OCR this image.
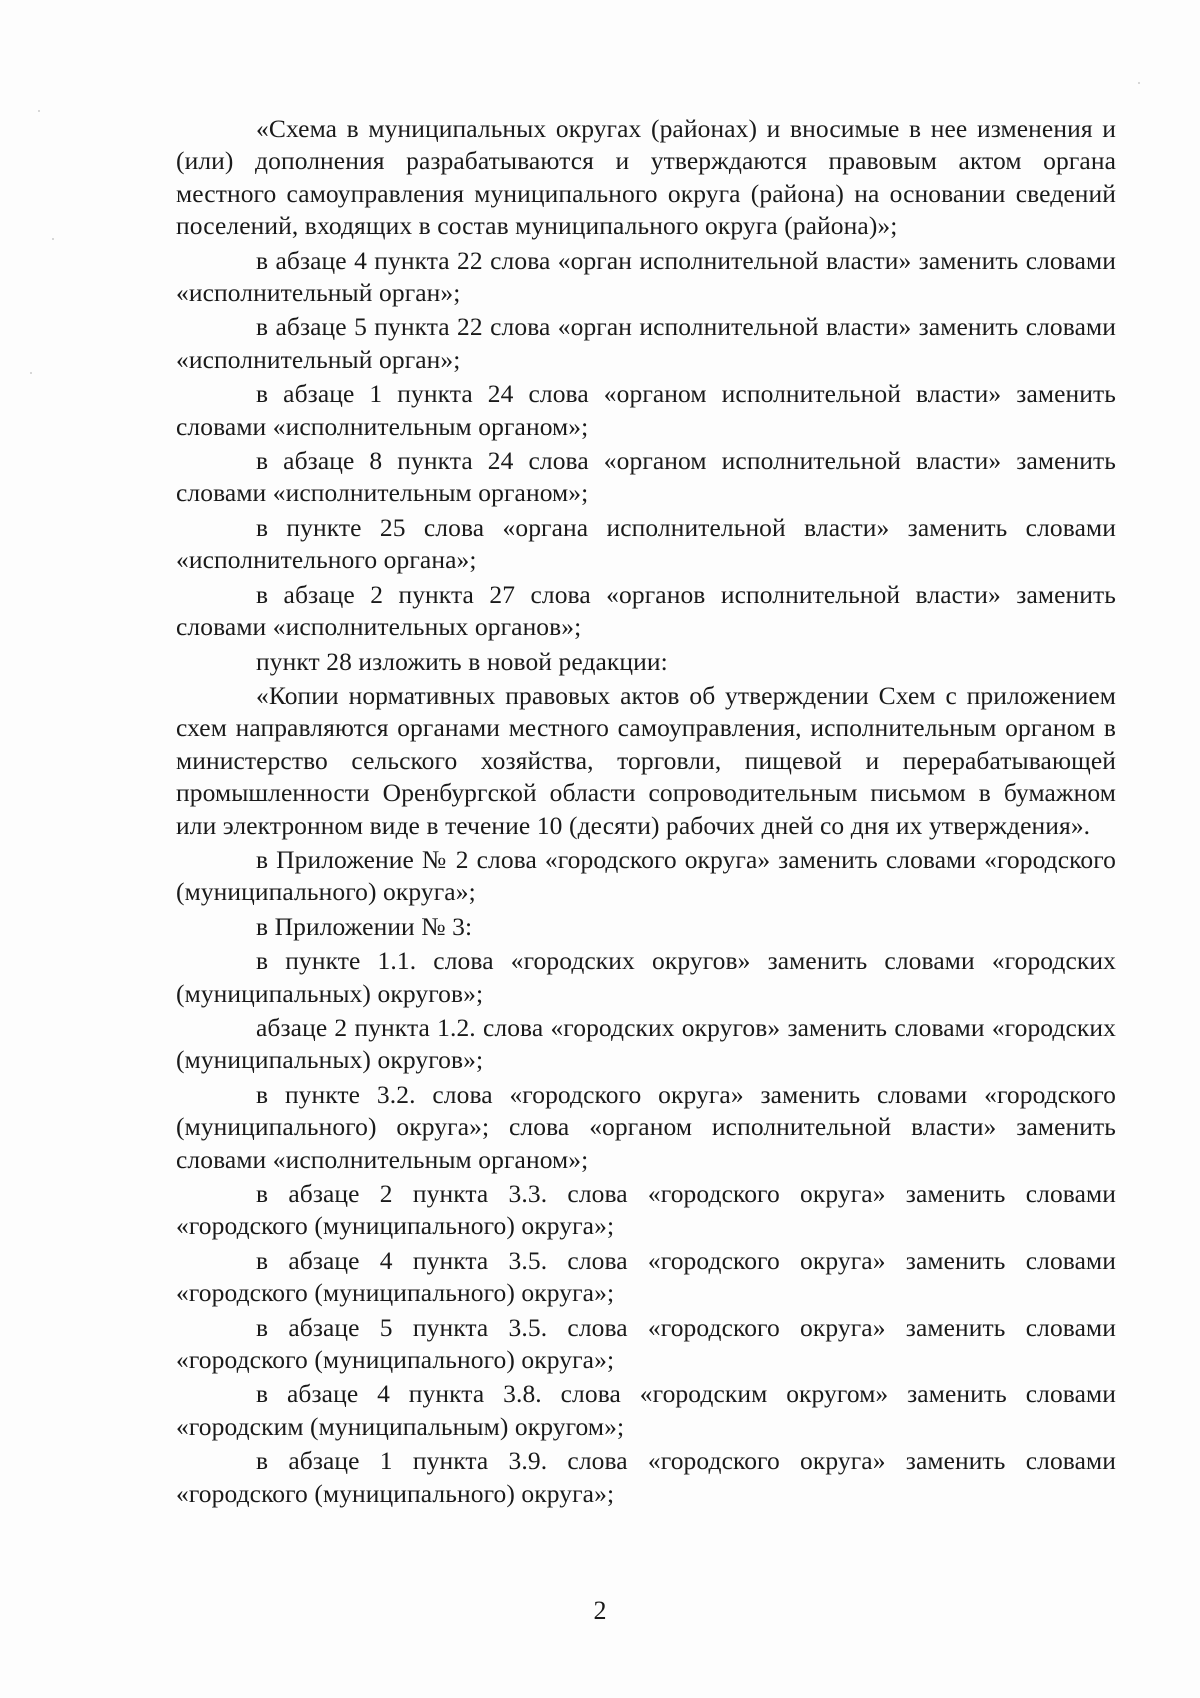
«Схема в муниципальных округах (районах) и вносимые в нее изменения и (или) дополнения разрабатываются и утверждаются правовым актом органа местного самоуправления муниципального округа (района) на основании сведений поселений, входящих в состав муниципального округа (района)»;

в абзаце 4 пункта 22 слова «орган исполнительной власти» заменить словами «исполнительный орган»;

в абзаце 5 пункта 22 слова «орган исполнительной власти» заменить словами «исполнительный орган»;

в абзаце 1 пункта 24 слова «органом исполнительной власти» заменить словами «исполнительным органом»;

в абзаце 8 пункта 24 слова «органом исполнительной власти» заменить словами «исполнительным органом»;

в пункте 25 слова «органа исполнительной власти» заменить словами «исполнительного органа»;

в абзаце 2 пункта 27 слова «органов исполнительной власти» заменить словами «исполнительных органов»;

пункт 28 изложить в новой редакции:

«Копии нормативных правовых актов об утверждении Схем с приложением схем направляются органами местного самоуправления, исполнительным органом в министерство сельского хозяйства, торговли, пищевой и перерабатывающей промышленности Оренбургской области сопроводительным письмом в бумажном или электронном виде в течение 10 (десяти) рабочих дней со дня их утверждения».

в Приложение № 2 слова «городского округа» заменить словами «городского (муниципального) округа»;

в Приложении № 3:

в пункте 1.1. слова «городских округов» заменить словами «городских (муниципальных) округов»;

абзаце 2 пункта 1.2. слова «городских округов» заменить словами «городских (муниципальных) округов»;

в пункте 3.2. слова «городского округа» заменить словами «городского (муниципального) округа»; слова «органом исполнительной власти» заменить словами «исполнительным органом»;

в абзаце 2 пункта 3.3. слова «городского округа» заменить словами «городского (муниципального) округа»;

в абзаце 4 пункта 3.5. слова «городского округа» заменить словами «городского (муниципального) округа»;

в абзаце 5 пункта 3.5. слова «городского округа» заменить словами «городского (муниципального) округа»;

в абзаце 4 пункта 3.8. слова «городским округом» заменить словами «городским (муниципальным) округом»;

в абзаце 1 пункта 3.9. слова «городского округа» заменить словами «городского (муниципального) округа»;

2
